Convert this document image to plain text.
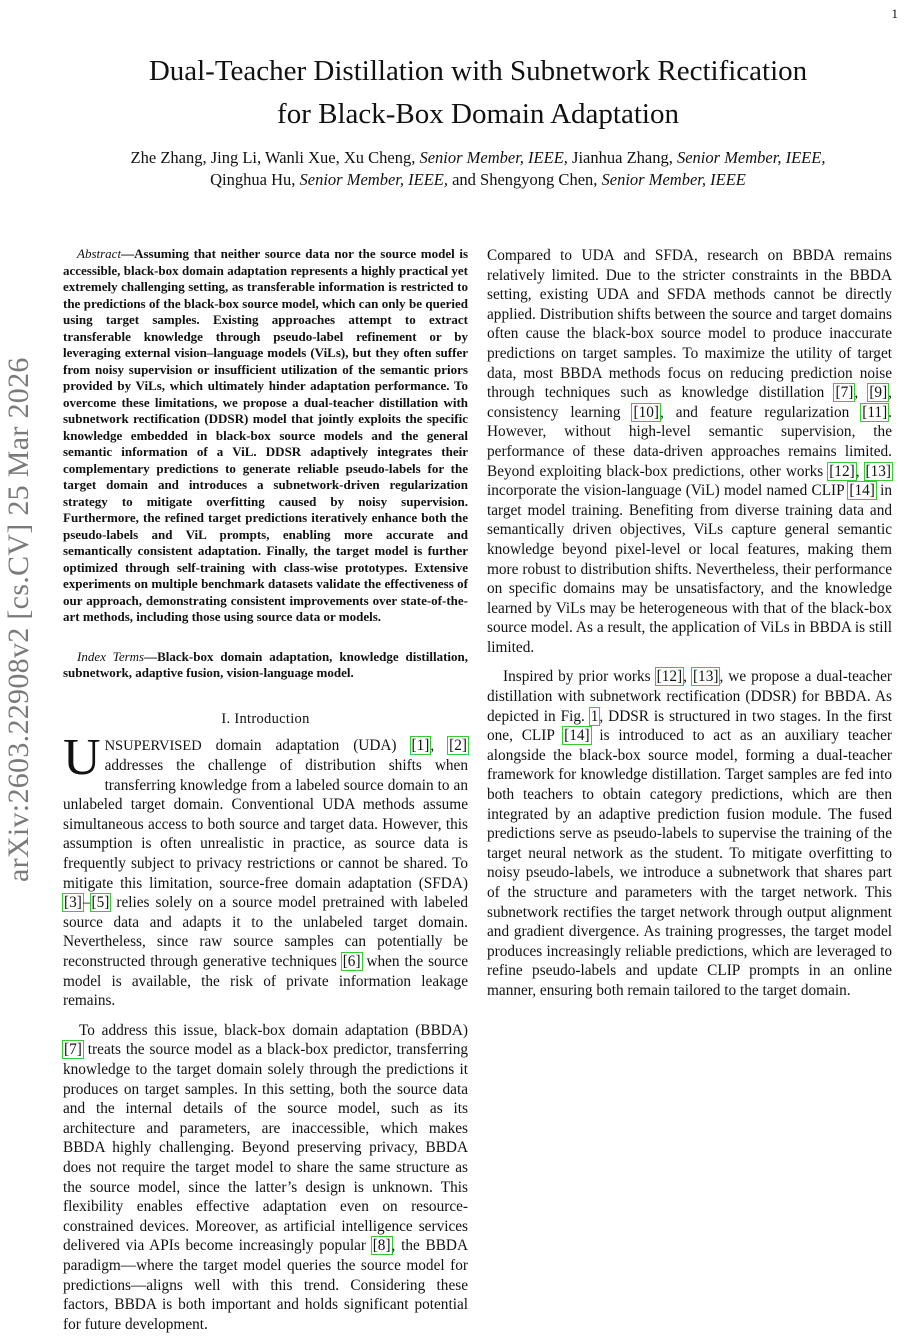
1
arXiv:2603.22908v2 [cs.CV] 25 Mar 2026
Dual-Teacher Distillation with Subnetwork Rectification
for Black-Box Domain Adaptation
Zhe Zhang, Jing Li, Wanli Xue, Xu Cheng, Senior Member, IEEE, Jianhua Zhang, Senior Member, IEEE,
Qinghua Hu, Senior Member, IEEE, and Shengyong Chen, Senior Member, IEEE

Abstract—Assuming that neither source data nor the source model is accessible, black-box domain adaptation represents a highly practical yet extremely challenging setting, as transferable information is restricted to the predictions of the black-box source model, which can only be queried using target samples. Existing approaches attempt to extract transferable knowledge through pseudo-label refinement or by leveraging external vision–language models (ViLs), but they often suffer from noisy supervision or insufficient utilization of the semantic priors provided by ViLs, which ultimately hinder adaptation performance. To overcome these limitations, we propose a dual-teacher distillation with subnetwork rectification (DDSR) model that jointly exploits the specific knowledge embedded in black-box source models and the general semantic information of a ViL. DDSR adaptively integrates their complementary predictions to generate reliable pseudo-labels for the target domain and introduces a subnetwork-driven regularization strategy to mitigate overfitting caused by noisy supervision. Furthermore, the refined target predictions iteratively enhance both the pseudo-labels and ViL prompts, enabling more accurate and semantically consistent adaptation. Finally, the target model is further optimized through self-training with class-wise prototypes. Extensive experiments on multiple benchmark datasets validate the effectiveness of our approach, demonstrating consistent improvements over state-of-the-art methods, including those using source data or models.

Index Terms—Black-box domain adaptation, knowledge distillation, subnetwork, adaptive fusion, vision-language model.

I. Introduction

UNSUPERVISED domain adaptation (UDA) [1], [2] addresses the challenge of distribution shifts when transferring knowledge from a labeled source domain to an unlabeled target domain. Conventional UDA methods assume simultaneous access to both source and target data. However, this assumption is often unrealistic in practice, as source data is frequently subject to privacy restrictions or cannot be shared. To mitigate this limitation, source-free domain adaptation (SFDA) [3]–[5] relies solely on a source model pretrained with labeled source data and adapts it to the unlabeled target domain. Nevertheless, since raw source samples can potentially be reconstructed through generative techniques [6] when the source model is available, the risk of private information leakage remains.

To address this issue, black-box domain adaptation (BBDA) [7] treats the source model as a black-box predictor, transferring knowledge to the target domain solely through the predictions it produces on target samples. In this setting, both the source data and the internal details of the source model, such as its architecture and parameters, are inaccessible, which makes BBDA highly challenging. Beyond preserving privacy, BBDA does not require the target model to share the same structure as the source model, since the latter’s design is unknown. This flexibility enables effective adaptation even on resource-constrained devices. Moreover, as artificial intelligence services delivered via APIs become increasingly popular [8], the BBDA paradigm—where the target model queries the source model for predictions—aligns well with this trend. Considering these factors, BBDA is both important and holds significant potential for future development.

Compared to UDA and SFDA, research on BBDA remains relatively limited. Due to the stricter constraints in the BBDA setting, existing UDA and SFDA methods cannot be directly applied. Distribution shifts between the source and target domains often cause the black-box source model to produce inaccurate predictions on target samples. To maximize the utility of target data, most BBDA methods focus on reducing prediction noise through techniques such as knowledge distillation [7], [9], consistency learning [10], and feature regularization [11]. However, without high-level semantic supervision, the performance of these data-driven approaches remains limited. Beyond exploiting black-box predictions, other works [12], [13] incorporate the vision-language (ViL) model named CLIP [14] in target model training. Benefiting from diverse training data and semantically driven objectives, ViLs capture general semantic knowledge beyond pixel-level or local features, making them more robust to distribution shifts. Nevertheless, their performance on specific domains may be unsatisfactory, and the knowledge learned by ViLs may be heterogeneous with that of the black-box source model. As a result, the application of ViLs in BBDA is still limited.

Inspired by prior works [12], [13], we propose a dual-teacher distillation with subnetwork rectification (DDSR) for BBDA. As depicted in Fig. 1, DDSR is structured in two stages. In the first one, CLIP [14] is introduced to act as an auxiliary teacher alongside the black-box source model, forming a dual-teacher framework for knowledge distillation. Target samples are fed into both teachers to obtain category predictions, which are then integrated by an adaptive prediction fusion module. The fused predictions serve as pseudo-labels to supervise the training of the target neural network as the student. To mitigate overfitting to noisy pseudo-labels, we introduce a subnetwork that shares part of the structure and parameters with the target network. This subnetwork rectifies the target network through output alignment and gradient divergence. As training progresses, the target model produces increasingly reliable predictions, which are leveraged to refine pseudo-labels and update CLIP prompts in an online manner, ensuring both remain tailored to the target domain.
